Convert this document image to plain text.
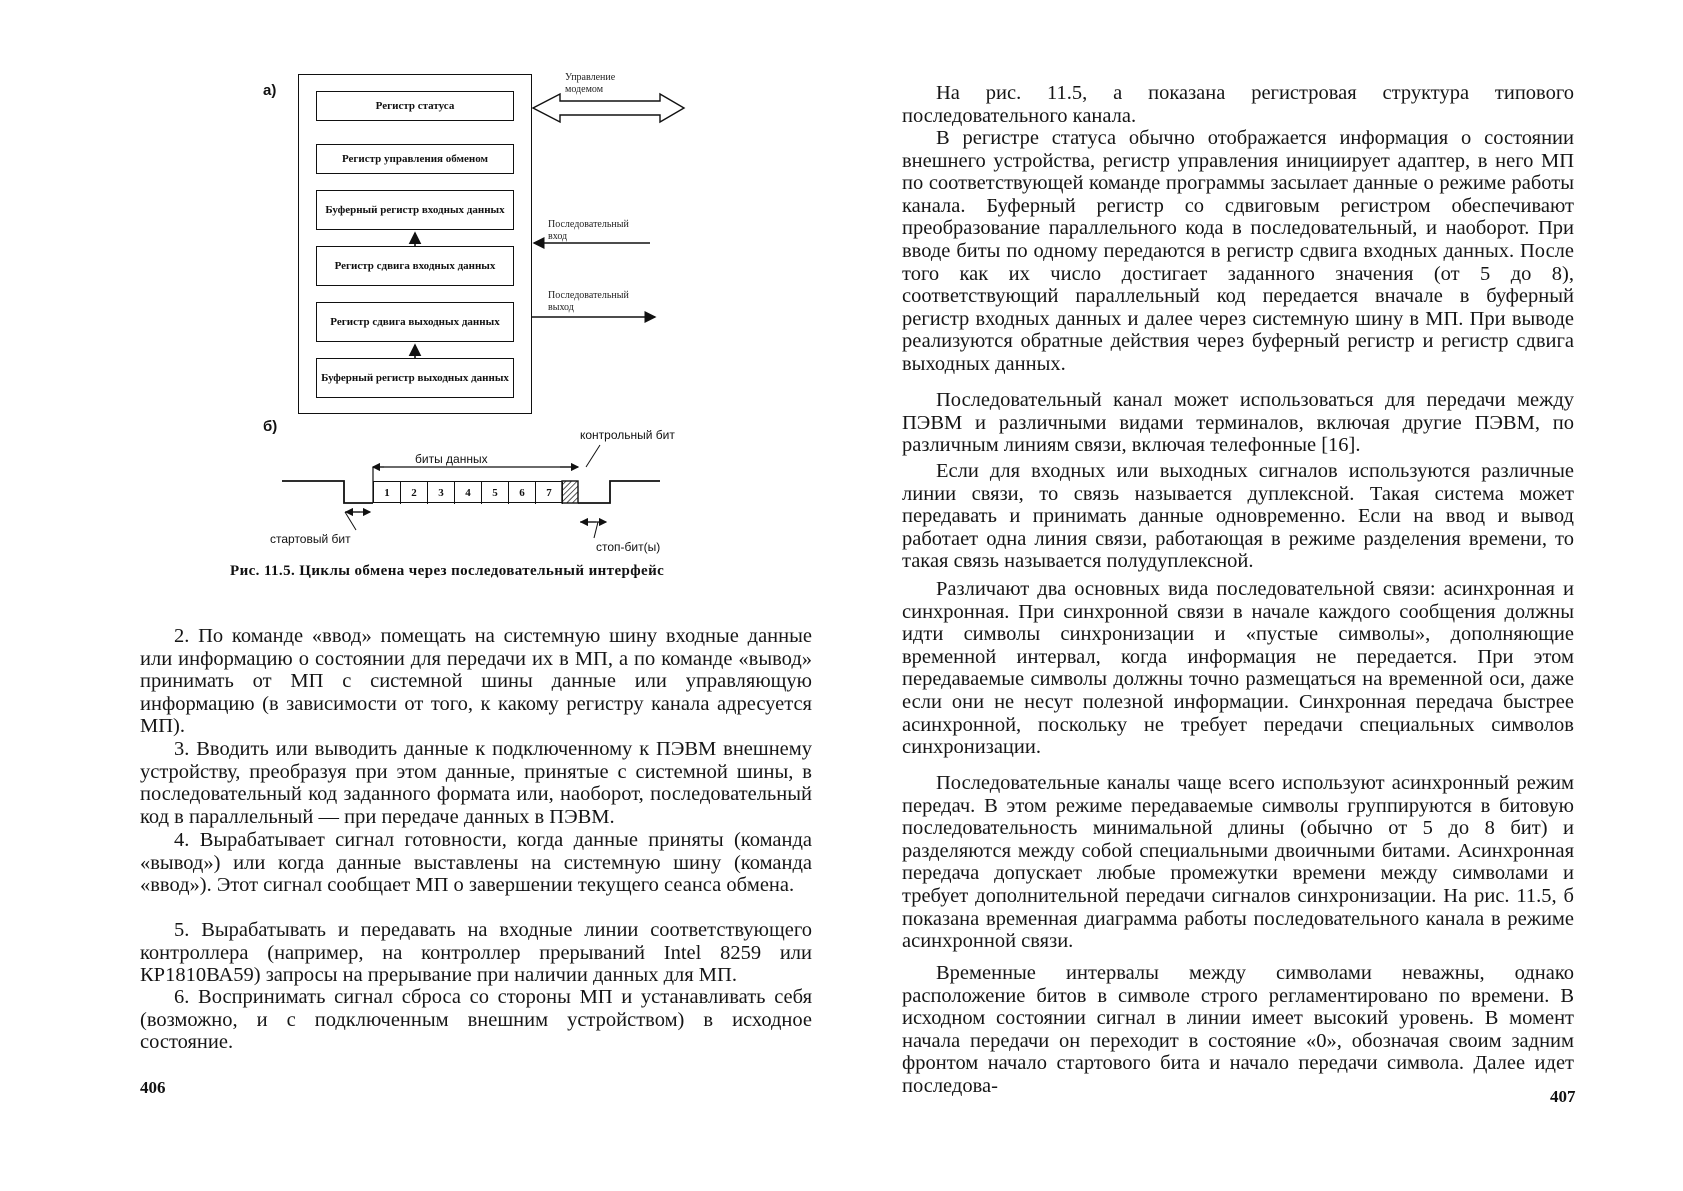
а)
Регистр статуса
Регистр управления обменом
Буферный регистр входных данных
Регистр сдвига входных данных
Регистр сдвига выходных данных
Буферный регистр выходных данных
Управление модемом
Последовательный вход
Последовательный выход
б)	контрольный бит
биты данных
1	2	3	4	5	6	7
стартовый бит
стоп-бит(ы)
Рис. 11.5. Циклы обмена через последовательный интерфейс
2. По команде «ввод» помещать на системную шину входные данные или информацию о состоянии для передачи их в МП, а по команде «вывод» принимать от МП с системной шины данные или управляющую информацию (в зависимости от того, к какому регистру канала адресуется МП).
3. Вводить или выводить данные к подключенному к ПЭВМ внешнему устройству, преобразуя при этом данные, принятые с системной шины, в последовательный код заданного формата или, наоборот, последовательный код в параллельный — при передаче данных в ПЭВМ.
4. Вырабатывает сигнал готовности, когда данные приняты (команда «вывод») или когда данные выставлены на системную шину (команда «ввод»). Этот сигнал сообщает МП о завершении текущего сеанса обмена.
5. Вырабатывать и передавать на входные линии соответствующего контроллера (например, на контроллер прерываний Intel 8259 или КР1810ВА59) запросы на прерывание при наличии данных для МП.
6. Воспринимать сигнал сброса со стороны МП и устанавливать себя (возможно, и с подключенным внешним устройством) в исходное состояние.
406
На рис. 11.5, а показана регистровая структура типового последовательного канала.
В регистре статуса обычно отображается информация о состоянии внешнего устройства, регистр управления инициирует адаптер, в него МП по соответствующей команде программы засылает данные о режиме работы канала. Буферный регистр со сдвиговым регистром обеспечивают преобразование параллельного кода в последовательный, и наоборот. При вводе биты по одному передаются в регистр сдвига входных данных. После того как их число достигает заданного значения (от 5 до 8), соответствующий параллельный код передается вначале в буферный регистр входных данных и далее через системную шину в МП. При выводе реализуются обратные действия через буферный регистр и регистр сдвига выходных данных.
Последовательный канал может использоваться для передачи между ПЭВМ и различными видами терминалов, включая другие ПЭВМ, по различным линиям связи, включая телефонные [16].
Если для входных или выходных сигналов используются различные линии связи, то связь называется дуплексной. Такая система может передавать и принимать данные одновременно. Если на ввод и вывод работает одна линия связи, работающая в режиме разделения времени, то такая связь называется полудуплексной.
Различают два основных вида последовательной связи: асинхронная и синхронная. При синхронной связи в начале каждого сообщения должны идти символы синхронизации и «пустые символы», дополняющие временной интервал, когда информация не передается. При этом передаваемые символы должны точно размещаться на временной оси, даже если они не несут полезной информации. Синхронная передача быстрее асинхронной, поскольку не требует передачи специальных символов синхронизации.
Последовательные каналы чаще всего используют асинхронный режим передач. В этом режиме передаваемые символы группируются в битовую последовательность минимальной длины (обычно от 5 до 8 бит) и разделяются между собой специальными двоичными битами. Асинхронная передача допускает любые промежутки времени между символами и требует дополнительной передачи сигналов синхронизации. На рис. 11.5, б показана временная диаграмма работы последовательного канала в режиме асинхронной связи.
Временные интервалы между символами неважны, однако расположение битов в символе строго регламентировано по времени. В исходном состоянии сигнал в линии имеет высокий уровень. В момент начала передачи он переходит в состояние «0», обозначая своим задним фронтом начало стартового бита и начало передачи символа. Далее идет последова-	407
